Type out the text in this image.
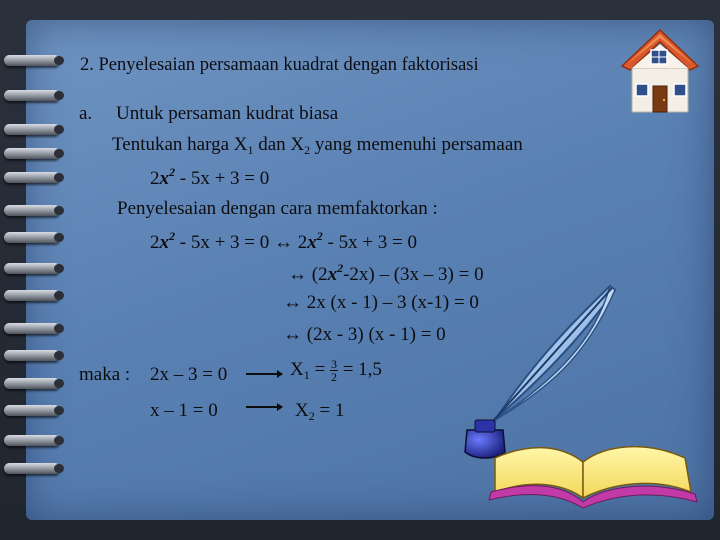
2. Penyelesaian persamaan kuadrat dengan faktorisasi
a. Untuk persaman kudrat biasa
Tentukan harga $X_1$ dan $X_2$ yang memenuhi persamaan
$2x^2 - 5x + 3 = 0$
Penyelesaian dengan cara memfaktorkan :
$2x^2 - 5x + 3 = 0$ ↔ $2x^2 - 5x + 3 = 0$
↔ $(2x^2-2x) - (3x - 3) = 0$
↔ 2x (x - 1) – 3 (x-1) = 0
↔ (2x - 3) (x - 1) = 0
maka : 2x – 3 = 0	$X_1 = \frac{3}{2} = 1,5$
x – 1 = 0	$X_2 = 1$
